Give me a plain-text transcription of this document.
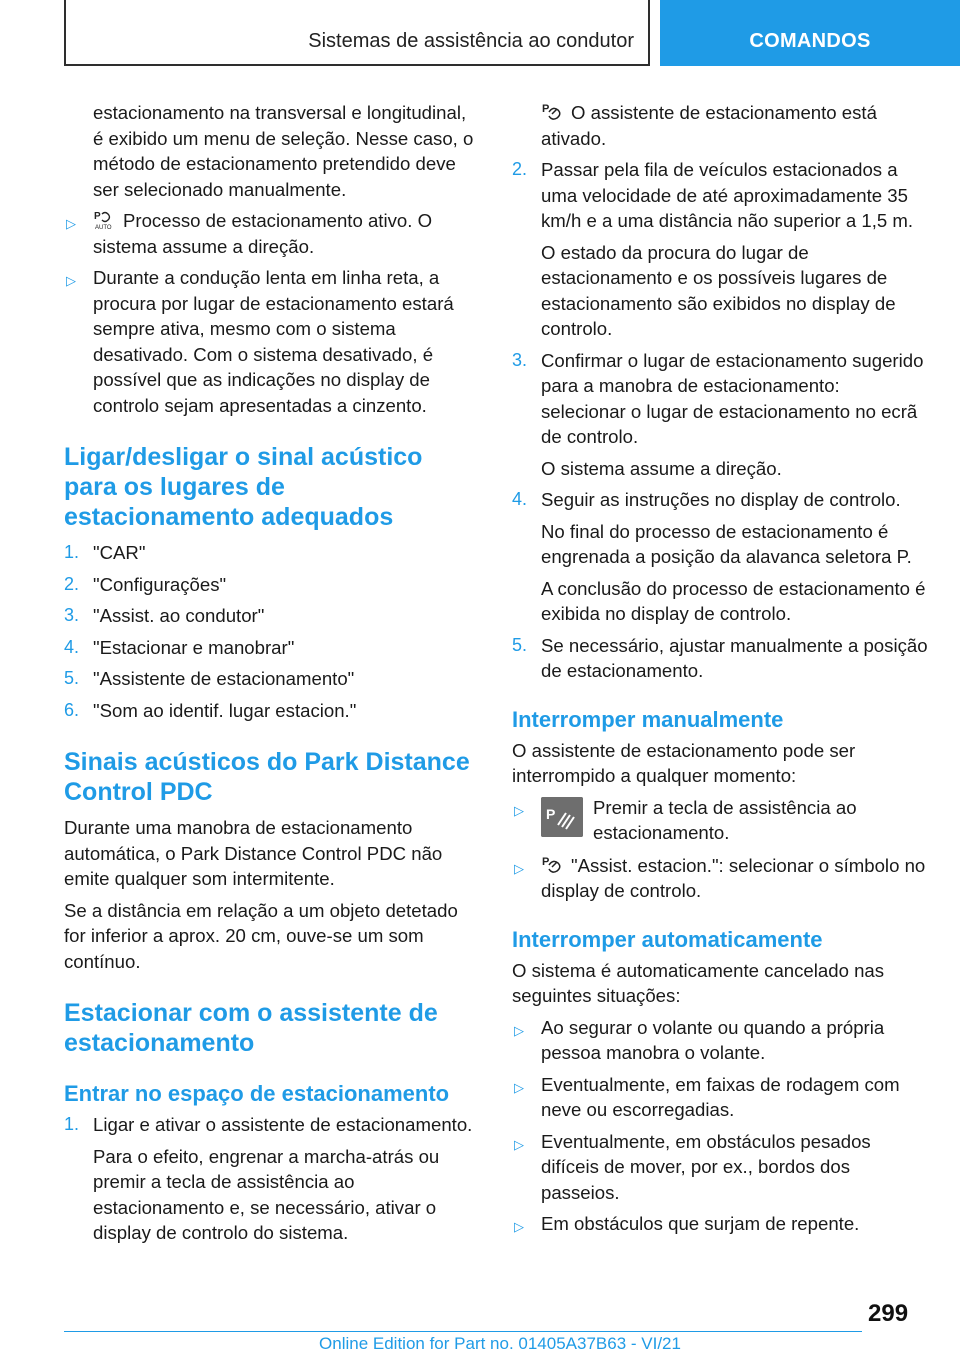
Sistemas de assistência ao condutor	COMANDOS

estacionamento na transversal e longitudinal, é exibido um menu de seleção. Nesse caso, o método de estacionamento pretendido deve ser selecionado manualmente.

▷ P
AUTO Processo de estacionamento ativo. O sistema assume a direção.
▷ Durante a condução lenta em linha reta, a procura por lugar de estacionamento estará sempre ativa, mesmo com o sistema desativado. Com o sistema desativado, é possível que as indicações no display de controlo sejam apresentadas a cinzento.
Ligar/desligar o sinal acústico para os lugares de estacionamento adequados
1. "CAR"
2. "Configurações"
3. "Assist. ao condutor"
4. "Estacionar e manobrar"
5. "Assistente de estacionamento"
6. "Som ao identif. lugar estacion."
Sinais acústicos do Park Distance Control PDC

Durante uma manobra de estacionamento automática, o Park Distance Control PDC não emite qualquer som intermitente.

Se a distância em relação a um objeto detetado for inferior a aprox. 20 cm, ouve-se um som contínuo.

Estacionar com o assistente de estacionamento
Entrar no espaço de estacionamento
1. Ligar e ativar o assistente de estacionamento.

Para o efeito, engrenar a marcha-atrás ou premir a tecla de assistência ao estacionamento e, se necessário, ativar o display de controlo do sistema.

P O assistente de estacionamento está ativado.

2. Passar pela fila de veículos estacionados a uma velocidade de até aproximadamente 35 km/h e a uma distância não superior a 1,5 m.

O estado da procura do lugar de estacionamento e os possíveis lugares de estacionamento são exibidos no display de controlo.

3. Confirmar o lugar de estacionamento sugerido para a manobra de estacionamento: selecionar o lugar de estacionamento no ecrã de controlo.

O sistema assume a direção.

4. Seguir as instruções no display de controlo.

No final do processo de estacionamento é engrenada a posição da alavanca seletora P.

A conclusão do processo de estacionamento é exibida no display de controlo.

5. Se necessário, ajustar manualmente a posição de estacionamento.
Interromper manualmente

O assistente de estacionamento pode ser interrompido a qualquer momento:

▷ P	Premir a tecla de assistência ao estacionamento.
▷ P "Assist. estacion.": selecionar o símbolo no display de controlo.
Interromper automaticamente

O sistema é automaticamente cancelado nas seguintes situações:

▷ Ao segurar o volante ou quando a própria pessoa manobra o volante.
▷ Eventualmente, em faixas de rodagem com neve ou escorregadias.
▷ Eventualmente, em obstáculos pesados difíceis de mover, por ex., bordos dos passeios.
▷ Em obstáculos que surjam de repente.
299
Online Edition for Part no. 01405A37B63 - VI/21
